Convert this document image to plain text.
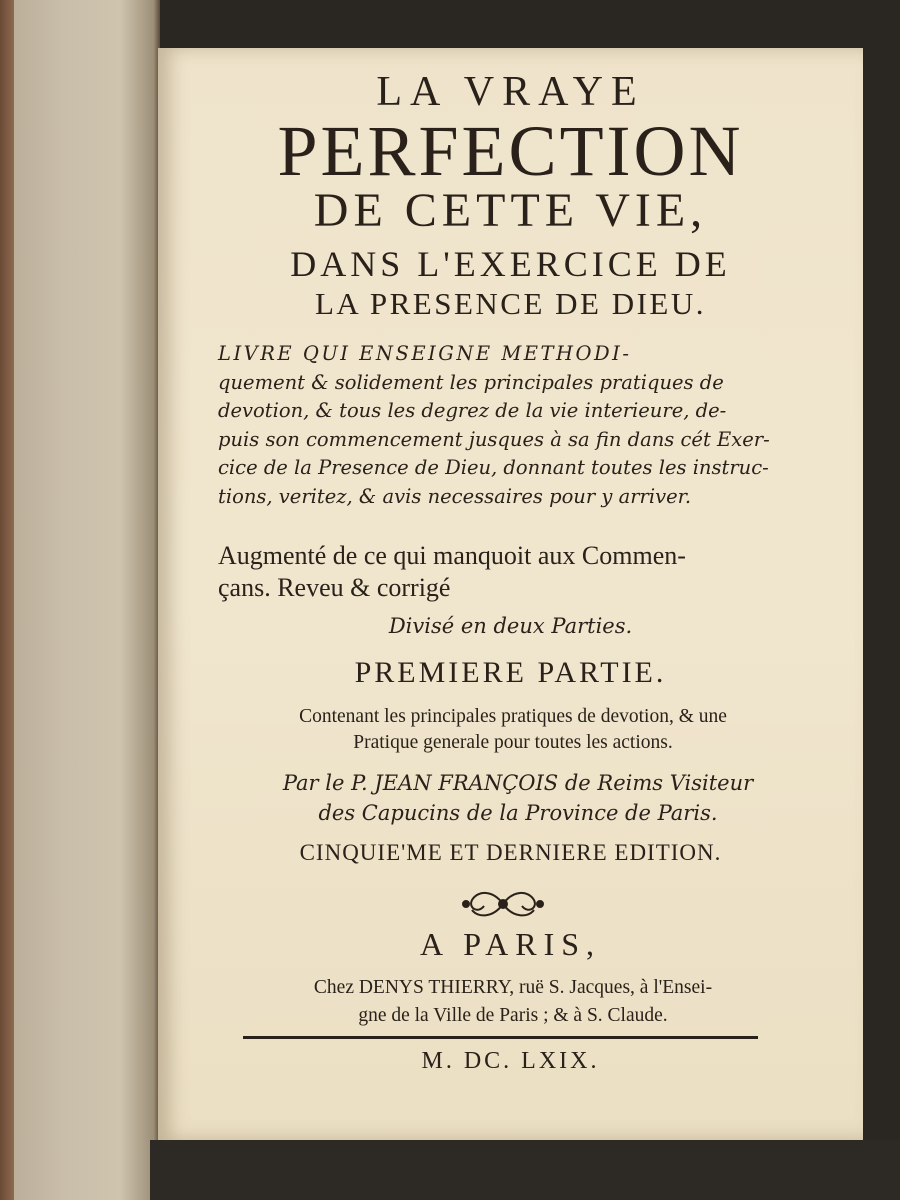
LA VRAYE
PERFECTION
DE CETTE VIE,
DANS L'EXERCICE DE
LA PRESENCE DE DIEU.

LIVRE QUI ENSEIGNE METHODI-

quement & solidement les principales pratiques de

devotion, & tous les degrez de la vie interieure, de-

puis son commencement jusques à sa fin dans cét Exer-

cice de la Presence de Dieu, donnant toutes les instruc-

tions, veritez, & avis necessaires pour y arriver.

Augmenté de ce qui manquoit aux Commen-
çans. Reveu & corrigé
Divisé en deux Parties.
PREMIERE PARTIE.
Contenant les principales pratiques de devotion, & une
Pratique generale pour toutes les actions.
Par le P. JEAN FRANÇOIS de Reims Visiteur
des Capucins de la Province de Paris.
CINQUIE'ME ET DERNIERE EDITION.
A PARIS,
Chez DENYS THIERRY, ruë S. Jacques, à l'Ensei-
gne de la Ville de Paris ; & à S. Claude.
M. DC. LXIX.
